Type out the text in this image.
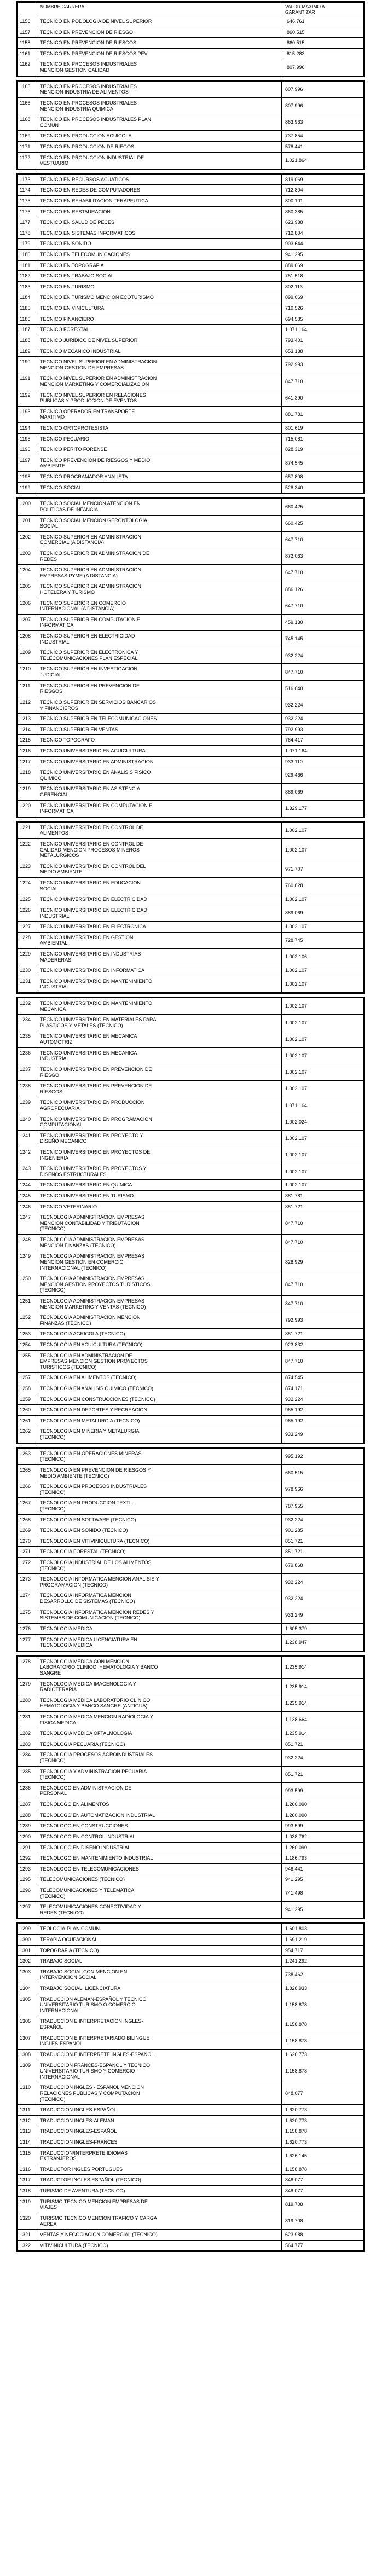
	NOMBRE CARRERA	VALOR MAXIMO A GARANTIZAR

1156	TECNICO EN PODOLOGIA DE NIVEL SUPERIOR	646.761
1157	TECNICO EN PREVENCION DE RIESGO	860.515
1158	TECNICO EN PREVENCION DE RIESGOS	860.515
1161	TECNICO EN PREVENCION DE RIESGOS PEV	815.283
1162	TECNICO EN PROCESOS INDUSTRIALES MENCION GESTION CALIDAD	807.996
1165	TECNICO EN PROCESOS INDUSTRIALES MENCION INDUSTRIA DE ALIMENTOS	807.996
1166	TECNICO EN PROCESOS INDUSTRIALES MENCION INDUSTRIA QUIMICA	807.996
1168	TECNICO EN PROCESOS INDUSTRIALES PLAN COMUN	863.963
1169	TECNICO EN PRODUCCION ACUICOLA	737.854
1171	TECNICO EN PRODUCCION DE RIEGOS	578.441
1172	TECNICO EN PRODUCCION INDUSTRIAL DE VESTUARIO	1.021.864
1173	TECNICO EN RECURSOS ACUATICOS	819.069
1174	TECNICO EN REDES DE COMPUTADORES	712.804
1175	TECNICO EN REHABILITACION TERAPEUTICA	800.101
1176	TECNICO EN RESTAURACION	860.385
1177	TECNICO EN SALUD DE PECES	623.988
1178	TECNICO EN SISTEMAS INFORMATICOS	712.804
1179	TECNICO EN SONIDO	903.644
1180	TECNICO EN TELECOMUNICACIONES	941.295
1181	TECNICO EN TOPOGRAFIA	889.069
1182	TECNICO EN TRABAJO SOCIAL	751.518
1183	TECNICO EN TURISMO	802.113
1184	TECNICO EN TURISMO MENCION ECOTURISMO	899.069
1185	TECNICO EN VINICULTURA	710.526
1186	TECNICO FINANCIERO	694.585
1187	TECNICO FORESTAL	1.071.164
1188	TECNICO JURIDICO DE NIVEL SUPERIOR	793.401
1189	TECNICO MECANICO INDUSTRIAL	653.138
1190	TECNICO NIVEL SUPERIOR EN ADMINISTRACION MENCION GESTION DE EMPRESAS	792.993
1191	TECNICO NIVEL SUPERIOR EN ADMINISTRACION MENCION MARKETING Y COMERCIALIZACION	847.710
1192	TECNICO NIVEL SUPERIOR EN RELACIONES PUBLICAS Y PRODUCCION DE EVENTOS	641.390
1193	TECNICO OPERADOR EN TRANSPORTE MARITIMO	881.781
1194	TECNICO ORTOPROTESISTA	801.619
1195	TECNICO PECUARIO	715.081
1196	TECNICO PERITO FORENSE	828.319
1197	TECNICO PREVENCION DE RIESGOS Y MEDIO AMBIENTE	874.545
1198	TECNICO PROGRAMADOR ANALISTA	657.808
1199	TECNICO SOCIAL	528.340
1200	TECNICO SOCIAL MENCION ATENCION EN POLITICAS DE INFANCIA	660.425
1201	TECNICO SOCIAL MENCION GERONTOLOGIA SOCIAL	660.425
1202	TECNICO SUPERIOR EN ADMINISTRACION COMERCIAL (A DISTANCIA)	647.710
1203	TECNICO SUPERIOR EN ADMINISTRACION DE REDES	872.063
1204	TECNICO SUPERIOR EN ADMINISTRACION EMPRESAS PYME (A DISTANCIA)	647.710
1205	TECNICO SUPERIOR EN ADMINISTRACION HOTELERA Y TURISMO	886.126
1206	TECNICO SUPERIOR EN COMERCIO INTERNACIONAL (A DISTANCIA)	647.710
1207	TECNICO SUPERIOR EN COMPUTACION E INFORMATICA	459.130
1208	TECNICO SUPERIOR EN ELECTRICIDAD INDUSTRIAL	745.145
1209	TECNICO SUPERIOR EN ELECTRONICA Y TELECOMUNICACIONES PLAN ESPECIAL	932.224
1210	TECNICO SUPERIOR EN INVESTIGACION JUDICIAL	847.710
1211	TECNICO SUPERIOR EN PREVENCION DE RIESGOS	516.040
1212	TECNICO SUPERIOR EN SERVICIOS BANCARIOS Y FINANCIEROS	932.224
1213	TECNICO SUPERIOR EN TELECOMUNICACIONES	932.224
1214	TECNICO SUPERIOR EN VENTAS	792.993
1215	TECNICO TOPOGRAFO	764.417
1216	TECNICO UNIVERSITARIO EN ACUICULTURA	1.071.164
1217	TECNICO UNIVERSITARIO EN ADMINISTRACION	933.110
1218	TECNICO UNIVERSITARIO EN ANALISIS FISICO QUIMICO	929.466
1219	TECNICO UNIVERSITARIO EN ASISTENCIA GERENCIAL	889.069
1220	TECNICO UNIVERSITARIO EN COMPUTACION E INFORMATICA	1.329.177
1221	TECNICO UNIVERSITARIO EN CONTROL DE ALIMENTOS	1.002.107
1222	TECNICO UNIVERSITARIO EN CONTROL DE CALIDAD MENCION PROCESOS MINEROS METALURGICOS	1.002.107
1223	TECNICO UNIVERSITARIO EN CONTROL DEL MEDIO AMBIENTE	971.707
1224	TECNICO UNIVERSITARIO EN EDUCACION SOCIAL	760.828
1225	TECNICO UNIVERSITARIO EN ELECTRICIDAD	1.002.107
1226	TECNICO UNIVERSITARIO EN ELECTRICIDAD INDUSTRIAL	889.069
1227	TECNICO UNIVERSITARIO EN ELECTRONICA	1.002.107
1228	TECNICO UNIVERSITARIO EN GESTION AMBIENTAL	728.745
1229	TECNICO UNIVERSITARIO EN INDUSTRIAS MADERERAS	1.002.106
1230	TECNICO UNIVERSITARIO EN INFORMATICA	1.002.107
1231	TECNICO UNIVERSITARIO EN MANTENIMIENTO INDUSTRIAL	1.002.107
1232	TECNICO UNIVERSITARIO EN MANTENIMIENTO MECANICA	1.002.107
1234	TECNICO UNIVERSITARIO EN MATERIALES PARA PLASTICOS Y METALES (TECNICO)	1.002.107
1235	TECNICO UNIVERSITARIO EN MECANICA AUTOMOTRIZ	1.002.107
1236	TECNICO UNIVERSITARIO EN MECANICA INDUSTRIAL	1.002.107
1237	TECNICO UNIVERSITARIO EN PREVENCION DE RIESGO	1.002.107
1238	TECNICO UNIVERSITARIO EN PREVENCION DE RIESGOS	1.002.107
1239	TECNICO UNIVERSITARIO EN PRODUCCION AGROPECUARIA	1.071.164
1240	TECNICO UNIVERSITARIO EN PROGRAMACION COMPUTACIONAL	1.002.024
1241	TECNICO UNIVERSITARIO EN PROYECTO Y DISEÑO MECANICO	1.002.107
1242	TECNICO UNIVERSITARIO EN PROYECTOS DE INGENIERIA	1.002.107
1243	TECNICO UNIVERSITARIO EN PROYECTOS Y DISEÑOS ESTRUCTURALES	1.002.107
1244	TECNICO UNIVERSITARIO EN QUIMICA	1.002.107
1245	TECNICO UNIVERSITARIO EN TURISMO	881.781
1246	TECNICO VETERINARIO	851.721
1247	TECNOLOGIA ADMINISTRACION EMPRESAS MENCION CONTABILIDAD Y TRIBUTACION (TECNICO)	847.710
1248	TECNOLOGIA ADMINISTRACION EMPRESAS MENCION FINANZAS (TECNICO)	847.710
1249	TECNOLOGIA ADMINISTRACION EMPRESAS MENCION GESTION EN COMERCIO INTERNACIONAL (TECNICO)	828.929
1250	TECNOLOGIA ADMINISTRACION EMPRESAS MENCION GESTION PROYECTOS TURISTICOS (TECNICO)	847.710
1251	TECNOLOGIA ADMINISTRACION EMPRESAS MENCION MARKETING Y VENTAS (TECNICO)	847.710
1252	TECNOLOGIA ADMINISTRACION MENCION FINANZAS (TECNICO)	792.993
1253	TECNOLOGIA AGRICOLA (TECNICO)	851.721
1254	TECNOLOGIA EN ACUICULTURA (TECNICO)	923.832
1255	TECNOLOGIA EN ADMINISTRACION DE EMPRESAS MENCION GESTION PROYECTOS TURISTICOS (TECNICO)	847.710
1257	TECNOLOGIA EN ALIMENTOS (TECNICO)	874.545
1258	TECNOLOGIA EN ANALISIS QUIMICO (TECNICO)	874.171
1259	TECNOLOGIA EN CONSTRUCCIONES (TECNICO)	932.224
1260	TECNOLOGIA EN DEPORTES Y RECREACION	965.192
1261	TECNOLOGIA EN METALURGIA (TECNICO)	965.192
1262	TECNOLOGIA EN MINERIA Y METALURGIA (TECNICO)	933.249
1263	TECNOLOGIA EN OPERACIONES MINERAS (TECNICO)	995.192
1265	TECNOLOGIA EN PREVENCION DE RIESGOS Y MEDIO AMBIENTE (TECNICO)	660.515
1266	TECNOLOGIA EN PROCESOS INDUSTRIALES (TECNICO)	978.966
1267	TECNOLOGIA EN PRODUCCION TEXTIL (TECNICO)	787.955
1268	TECNOLOGIA EN SOFTWARE (TECNICO)	932.224
1269	TECNOLOGIA EN SONIDO (TECNICO)	901.285
1270	TECNOLOGIA EN VITIVINICULTURA (TECNICO)	851.721
1271	TECNOLOGIA FORESTAL (TECNICO)	851.721
1272	TECNOLOGIA INDUSTRIAL DE LOS ALIMENTOS (TECNICO)	679.868
1273	TECNOLOGIA INFORMATICA MENCION ANALISIS Y PROGRAMACION (TECNICO)	932.224
1274	TECNOLOGIA INFORMATICA MENCION DESARROLLO DE SISTEMAS (TECNICO)	932.224
1275	TECNOLOGIA INFORMATICA MENCION REDES Y SISTEMAS DE COMUNICACION (TECNICO)	933.249
1276	TECNOLOGIA MEDICA	1.605.379
1277	TECNOLOGIA MEDICA LICENCIATURA EN TECNOLOGIA MEDICA	1.238.947
1278	TECNOLOGIA MEDICA CON MENCION LABORATORIO CLINICO, HEMATOLOGIA Y BANCO SANGRE	1.235.914
1279	TECNOLOGIA MEDICA IMAGENOLOGIA Y RADIOTERAPIA	1.235.914
1280	TECNOLOGIA MEDICA LABORATORIO CLINICO HEMATOLOGIA Y BANCO SANGRE (ANTIGUA)	1.235.914
1281	TECNOLOGIA MEDICA MENCION RADIOLOGIA Y FISICA MEDICA	1.138.664
1282	TECNOLOGIA MEDICA OFTALMOLOGIA	1.235.914
1283	TECNOLOGIA PECUARIA (TECNICO)	851.721
1284	TECNOLOGIA PROCESOS AGROINDUSTRIALES (TECNICO)	932.224
1285	TECNOLOGIA Y ADMINISTRACION PECUARIA (TECNICO)	851.721
1286	TECNOLOGO EN ADMINISTRACION DE PERSONAL	993.599
1287	TECNOLOGO EN ALIMENTOS	1.260.090
1288	TECNOLOGO EN AUTOMATIZACION INDUSTRIAL	1.260.090
1289	TECNOLOGO EN CONSTRUCCIONES	993.599
1290	TECNOLOGO EN CONTROL INDUSTRIAL	1.038.762
1291	TECNOLOGO EN DISEÑO INDUSTRIAL	1.260.090
1292	TECNOLOGO EN MANTENIMIENTO INDUSTRIAL	1.186.793
1293	TECNOLOGO EN TELECOMUNICACIONES	948.441
1295	TELECOMUNICACIONES (TECNICO)	941.295
1296	TELECOMUNICACIONES Y TELEMATICA (TECNICO)	741.498
1297	TELECOMUNICACIONES,CONECTIVIDAD Y REDES (TECNICO)	941.295
1299	TEOLOGIA-PLAN COMUN	1.601.803
1300	TERAPIA OCUPACIONAL	1.691.219
1301	TOPOGRAFIA (TECNICO)	954.717
1302	TRABAJO SOCIAL	1.241.292
1303	TRABAJO SOCIAL CON MENCION EN INTERVENCION SOCIAL	738.462
1304	TRABAJO SOCIAL, LICENCIATURA	1.828.933
1305	TRADUCCION ALEMAN-ESPAÑOL Y TECNICO UNIVERSITARIO TURISMO O COMERCIO INTERNACIONAL	1.158.878
1306	TRADUCCION E INTERPRETACION INGLES-ESPAÑOL	1.158.878
1307	TRADUCCION E INTERPRETARIADO BILINGUE INGLES-ESPAÑOL	1.158.878
1308	TRADUCCION E INTERPRETE INGLES-ESPAÑOL	1.620.773
1309	TRADUCCION FRANCES-ESPAÑOL Y TECNICO UNIVERSITARIO TURISMO Y COMERCIO INTERNACIONAL	1.158.878
1310	TRADUCCION INGLES - ESPAÑOL MENCION RELACIONES PUBLICAS Y COMPUTACION (TECNICO)	848.077
1311	TRADUCCION INGLES ESPAÑOL	1.620.773
1312	TRADUCCION INGLES-ALEMAN	1.620.773
1313	TRADUCCION INGLES-ESPAÑOL	1.158.878
1314	TRADUCCION INGLES-FRANCES	1.620.773
1315	TRADUCCION/INTERPRETE IDIOMAS EXTRANJEROS	1.626.145
1316	TRADUCTOR INGLES PORTUGUES	1.158.878
1317	TRADUCTOR INGLES ESPAÑOL (TECNICO)	848.077
1318	TURISMO DE AVENTURA (TECNICO)	848.077
1319	TURISMO TECNICO MENCION EMPRESAS DE VIAJES	819.708
1320	TURISMO TECNICO MENCION TRAFICO Y CARGA AEREA	819.708
1321	VENTAS Y NEGOCIACION COMERCIAL (TECNICO)	623.988
1322	VITIVINICULTURA (TECNICO)	564.777
